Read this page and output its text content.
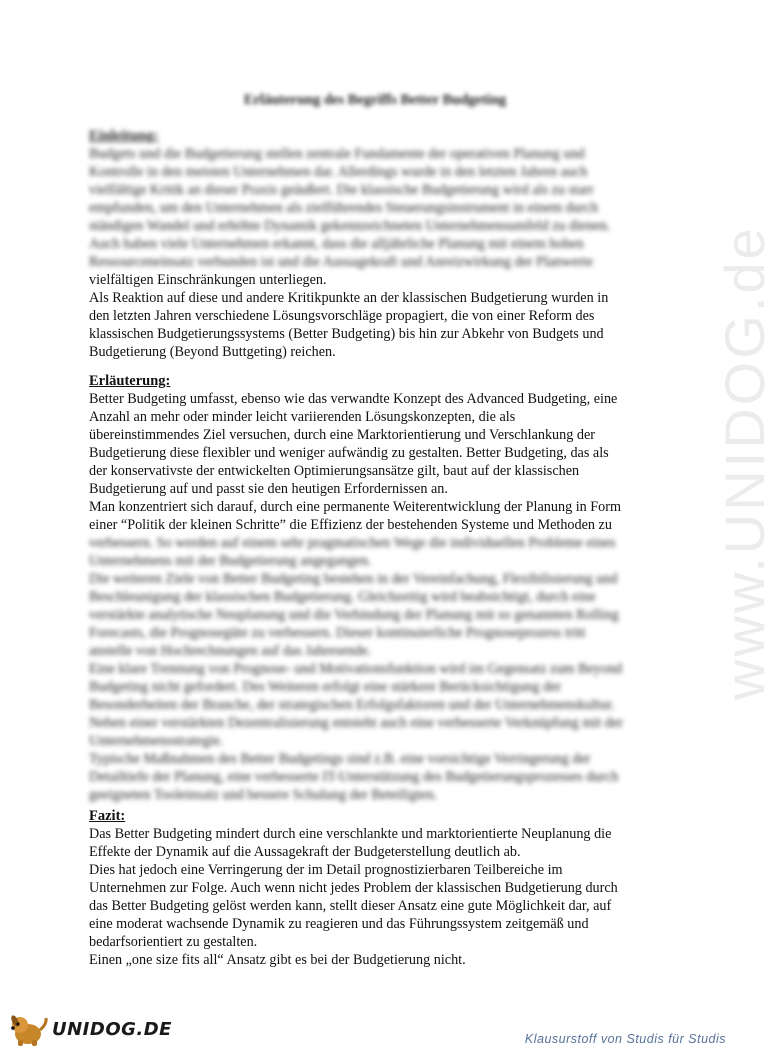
Erläuterung des Begriffs Better Budgeting
Einleitung:
Budgets und die Budgetierung stellen zentrale Fundamente der operativen Planung und
Kontrolle in den meisten Unternehmen dar. Allerdings wurde in den letzten Jahren auch
vielfältige Kritik an dieser Praxis geäußert. Die klassische Budgetierung wird als zu starr
empfunden, um den Unternehmen als zielführendes Steuerungsinstrument in einem durch
ständigen Wandel und erhöhte Dynamik gekennzeichneten Unternehmensumfeld zu dienen.
Auch haben viele Unternehmen erkannt, dass die alljährliche Planung mit einem hohen
Ressourceneinsatz verbunden ist und die Aussagekraft und Anreizwirkung der Planwerte
vielfältigen Einschränkungen unterliegen.
Als Reaktion auf diese und andere Kritikpunkte an der klassischen Budgetierung wurden in
den letzten Jahren verschiedene Lösungsvorschläge propagiert, die von einer Reform des
klassischen Budgetierungssystems (Better Budgeting) bis hin zur Abkehr von Budgets und
Budgetierung (Beyond Buttgeting) reichen.
Erläuterung:
Better Budgeting umfasst, ebenso wie das verwandte Konzept des Advanced Budgeting, eine
Anzahl an mehr oder minder leicht variierenden Lösungskonzepten, die als
übereinstimmendes Ziel versuchen, durch eine Marktorientierung und Verschlankung der
Budgetierung diese flexibler und weniger aufwändig zu gestalten. Better Budgeting, das als
der konservativste der entwickelten Optimierungsansätze gilt, baut auf der klassischen
Budgetierung auf und passt sie den heutigen Erfordernissen an.
Man konzentriert sich darauf, durch eine permanente Weiterentwicklung der Planung in Form
einer “Politik der kleinen Schritte” die Effizienz der bestehenden Systeme und Methoden zu
verbessern. So werden auf einem sehr pragmatischen Wege die individuellen Probleme eines
Unternehmens mit der Budgetierung angegangen.
Die weiteren Ziele von Better Budgeting bestehen in der Vereinfachung, Flexibilisierung und
Beschleunigung der klassischen Budgetierung. Gleichzeitig wird beabsichtigt, durch eine
verstärkte analytische Neuplanung und die Verbindung der Planung mit so genannten Rolling
Forecasts, die Prognosegüte zu verbessern. Dieser kontinuierliche Prognoseprozess tritt
anstelle von Hochrechnungen auf das Jahresende.
Eine klare Trennung von Prognose- und Motivationsfunktion wird im Gegensatz zum Beyond
Budgeting nicht gefordert. Des Weiteren erfolgt eine stärkere Berücksichtigung der
Besonderheiten der Branche, der strategischen Erfolgsfaktoren und der Unternehmenskultur.
Neben einer verstärkten Dezentralisierung entsteht auch eine verbesserte Verknüpfung mit der
Unternehmensstrategie.
Typische Maßnahmen des Better Budgetings sind z.B. eine vorsichtige Verringerung der
Detailtiefe der Planung, eine verbesserte IT-Unterstützung des Budgetierungsprozesses durch
geeigneten Tooleinsatz und bessere Schulung der Beteiligten.
Fazit:
Das Better Budgeting mindert durch eine verschlankte und marktorientierte Neuplanung die
Effekte der Dynamik auf die Aussagekraft der Budgeterstellung deutlich ab.
Dies hat jedoch eine Verringerung der im Detail prognostizierbaren Teilbereiche im
Unternehmen zur Folge. Auch wenn nicht jedes Problem der klassischen Budgetierung durch
das Better Budgeting gelöst werden kann, stellt dieser Ansatz eine gute Möglichkeit dar, auf
eine moderat wachsende Dynamik zu reagieren und das Führungssystem zeitgemäß und
bedarfsorientiert zu gestalten.
Einen „one size fits all“ Ansatz gibt es bei der Budgetierung nicht.
www.UNIDOG.de
UNIDOG.DE	Klausurstoff von Studis für Studis
